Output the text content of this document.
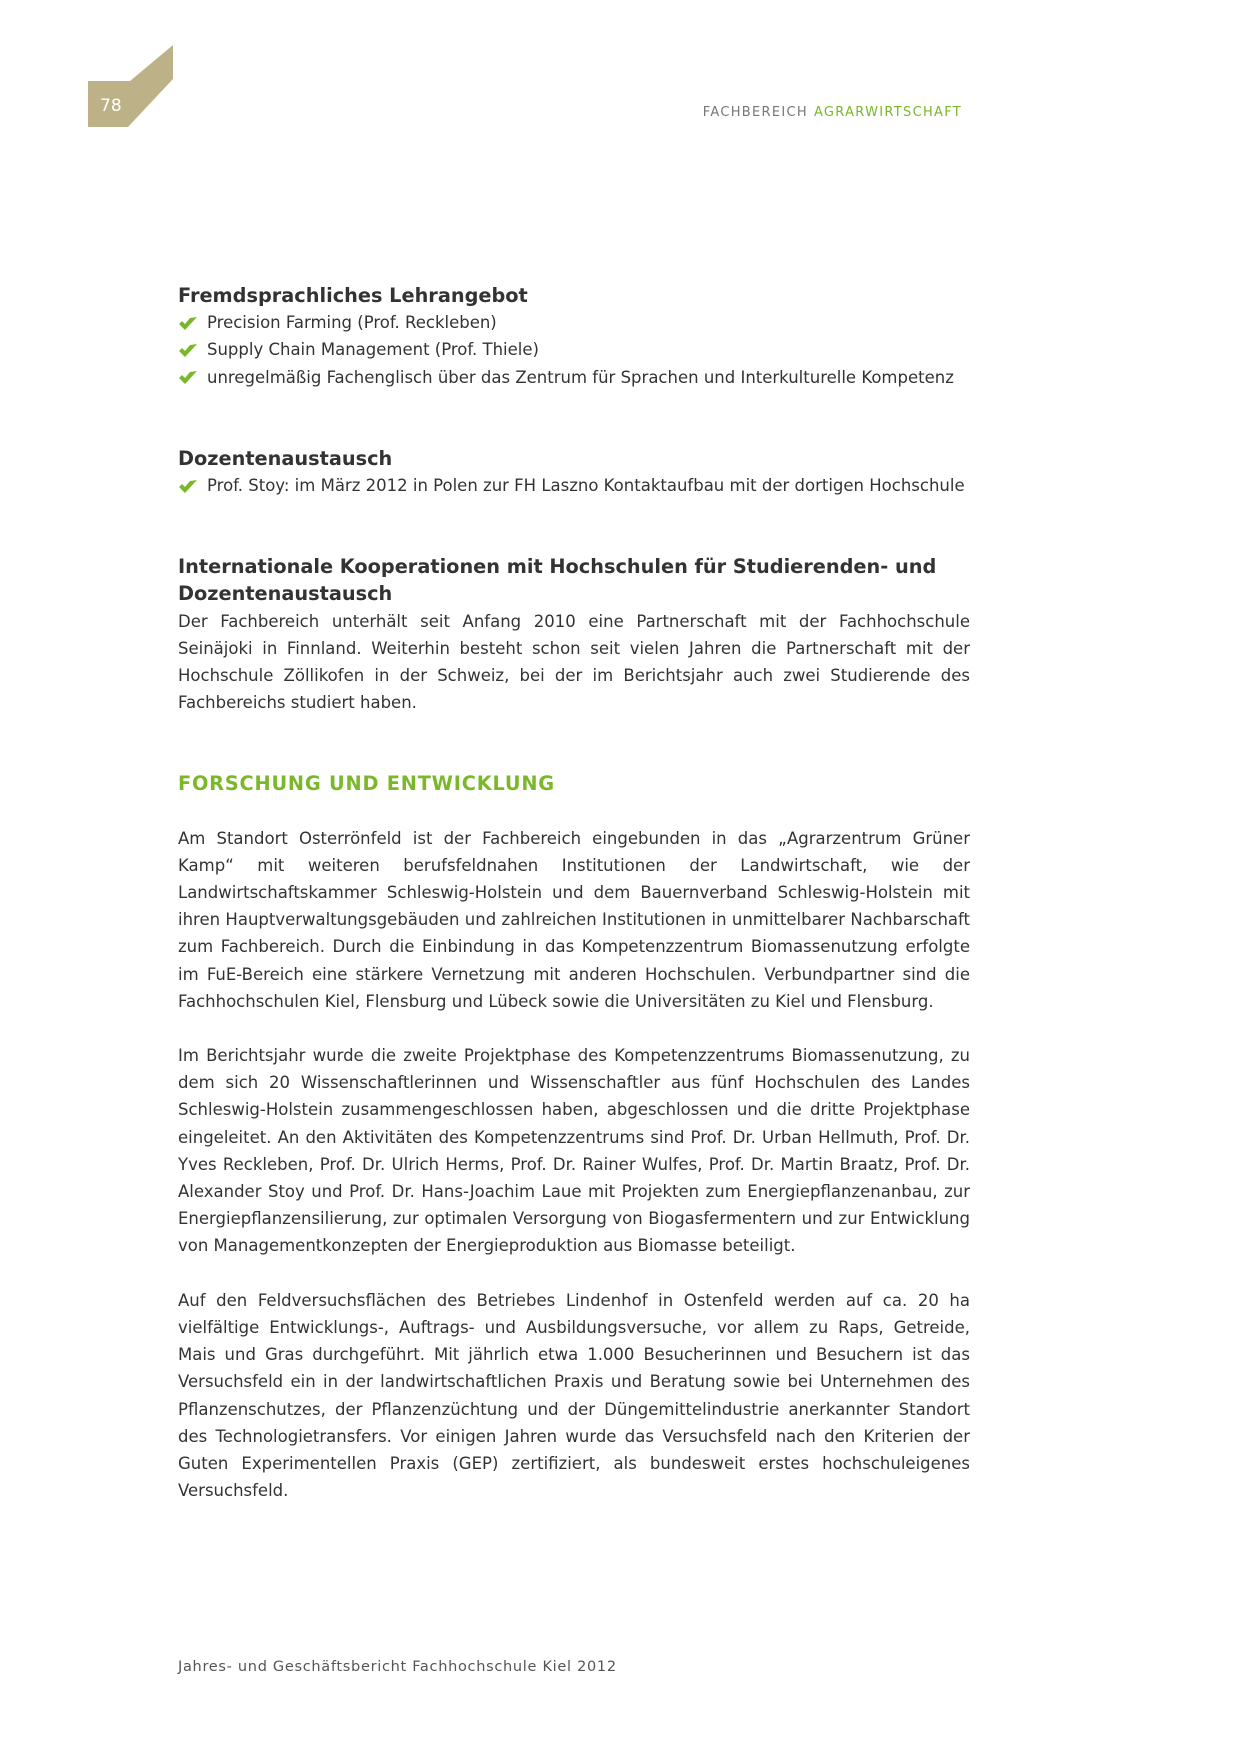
78	FACHBEREICH AGRARWIRTSCHAFT
Fremdsprachliches Lehrangebot
Precision Farming (Prof. Reckleben)
Supply Chain Management (Prof. Thiele)
unregelmäßig Fachenglisch über das Zentrum für Sprachen und Interkulturelle Kompetenz
Dozentenaustausch
Prof. Stoy: im März 2012 in Polen zur FH Laszno Kontaktaufbau mit der dortigen Hochschule
Internationale Kooperationen mit Hochschulen für Studierenden- und Dozentenaustausch

Der Fachbereich unterhält seit Anfang 2010 eine Partnerschaft mit der Fachhochschule Seinäjoki in Finnland. Weiterhin besteht schon seit vielen Jahren die Partnerschaft mit der Hochschule Zöllikofen in der Schweiz, bei der im Berichtsjahr auch zwei Studierende des Fachbereichs studiert haben.

FORSCHUNG UND ENTWICKLUNG

Am Standort Osterrönfeld ist der Fachbereich eingebunden in das „Agrarzentrum Grüner Kamp“ mit weiteren berufsfeldnahen Institutionen der Landwirtschaft, wie der Landwirtschaftskammer Schleswig-Holstein und dem Bauernverband Schleswig-Holstein mit ihren Hauptverwaltungsgebäuden und zahlreichen Institutionen in unmittelbarer Nachbarschaft zum Fachbereich. Durch die Einbindung in das Kompetenzzentrum Biomassenutzung erfolgte im FuE-Bereich eine stärkere Vernetzung mit anderen Hochschulen. Verbundpartner sind die Fachhochschulen Kiel, Flensburg und Lübeck sowie die Universitäten zu Kiel und Flensburg.

Im Berichtsjahr wurde die zweite Projektphase des Kompetenzzentrums Biomassenutzung, zu dem sich 20 Wissenschaftlerinnen und Wissenschaftler aus fünf Hochschulen des Landes Schleswig-Holstein zusammengeschlossen haben, abgeschlossen und die dritte Projektphase eingeleitet. An den Aktivitäten des Kompetenzzentrums sind Prof. Dr. Urban Hellmuth, Prof. Dr. Yves Reckleben, Prof. Dr. Ulrich Herms, Prof. Dr. Rainer Wulfes, Prof. Dr. Martin Braatz, Prof. Dr. Alexander Stoy und Prof. Dr. Hans-Joachim Laue mit Projekten zum Energiepflanzenanbau, zur Energiepflanzensilierung, zur optimalen Versorgung von Biogasfermentern und zur Entwicklung von Managementkonzepten der Energieproduktion aus Biomasse beteiligt.

Auf den Feldversuchsflächen des Betriebes Lindenhof in Ostenfeld werden auf ca. 20 ha vielfältige Entwicklungs-, Auftrags- und Ausbildungsversuche, vor allem zu Raps, Getreide, Mais und Gras durchgeführt. Mit jährlich etwa 1.000 Besucherinnen und Besuchern ist das Versuchsfeld ein in der landwirtschaftlichen Praxis und Beratung sowie bei Unternehmen des Pflanzenschutzes, der Pflanzenzüchtung und der Düngemittelindustrie anerkannter Standort des Technologietransfers. Vor einigen Jahren wurde das Versuchsfeld nach den Kriterien der Guten Experimentellen Praxis (GEP) zertifiziert, als bundesweit erstes hochschuleigenes Versuchsfeld.

Jahres- und Geschäftsbericht Fachhochschule Kiel 2012
